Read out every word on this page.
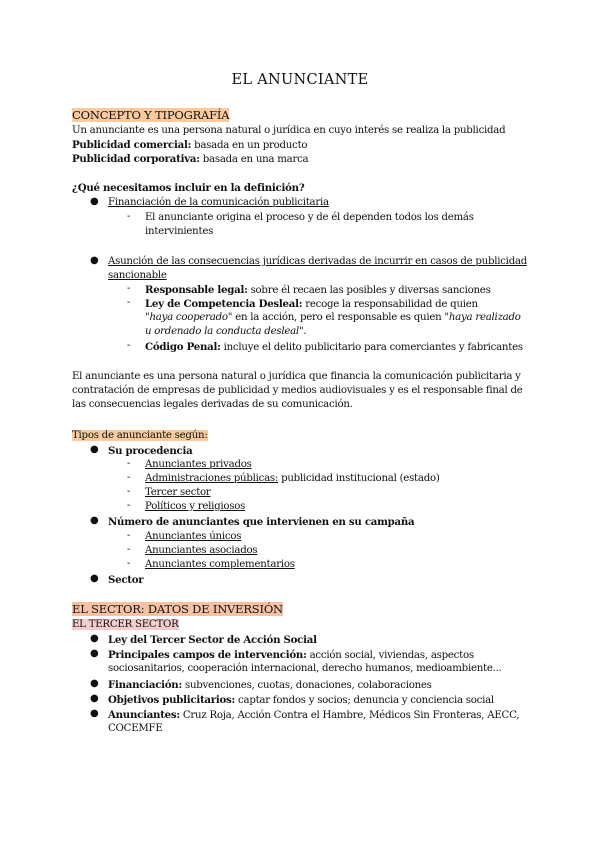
EL ANUNCIANTE
CONCEPTO Y TIPOGRAFÍA
Un anunciante es una persona natural o jurídica en cuyo interés se realiza la publicidad
Publicidad comercial: basada en un producto
Publicidad corporativa: basada en una marca
¿Qué necesitamos incluir en la definición?
● Financiación de la comunicación publicitaria
- El anunciante origina el proceso y de él dependen todos los demás
intervinientes
● Asunción de las consecuencias jurídicas derivadas de incurrir en casos de publicidad
sancionable
- Responsable legal: sobre él recaen las posibles y diversas sanciones
- Ley de Competencia Desleal: recoge la responsabilidad de quien
"haya cooperado" en la acción, pero el responsable es quien "haya realizado
u ordenado la conducta desleal".
- Código Penal: incluye el delito publicitario para comerciantes y fabricantes
El anunciante es una persona natural o jurídica que financia la comunicación publicitaria y
contratación de empresas de publicidad y medios audiovisuales y es el responsable final de
las consecuencias legales derivadas de su comunicación.
Tipos de anunciante según:
● Su procedencia
- Anunciantes privados
- Administraciones públicas: publicidad institucional (estado)
- Tercer sector
- Políticos y religiosos
● Número de anunciantes que intervienen en su campaña
- Anunciantes únicos
- Anunciantes asociados
- Anunciantes complementarios
● Sector
EL SECTOR: DATOS DE INVERSIÓN
EL TERCER SECTOR
● Ley del Tercer Sector de Acción Social
● Principales campos de intervención: acción social, viviendas, aspectos
sociosanitarios, cooperación internacional, derecho humanos, medioambiente...
● Financiación: subvenciones, cuotas, donaciones, colaboraciones
● Objetivos publicitarios: captar fondos y socios; denuncia y conciencia social
● Anunciantes: Cruz Roja, Acción Contra el Hambre, Médicos Sin Fronteras, AECC,
COCEMFE
